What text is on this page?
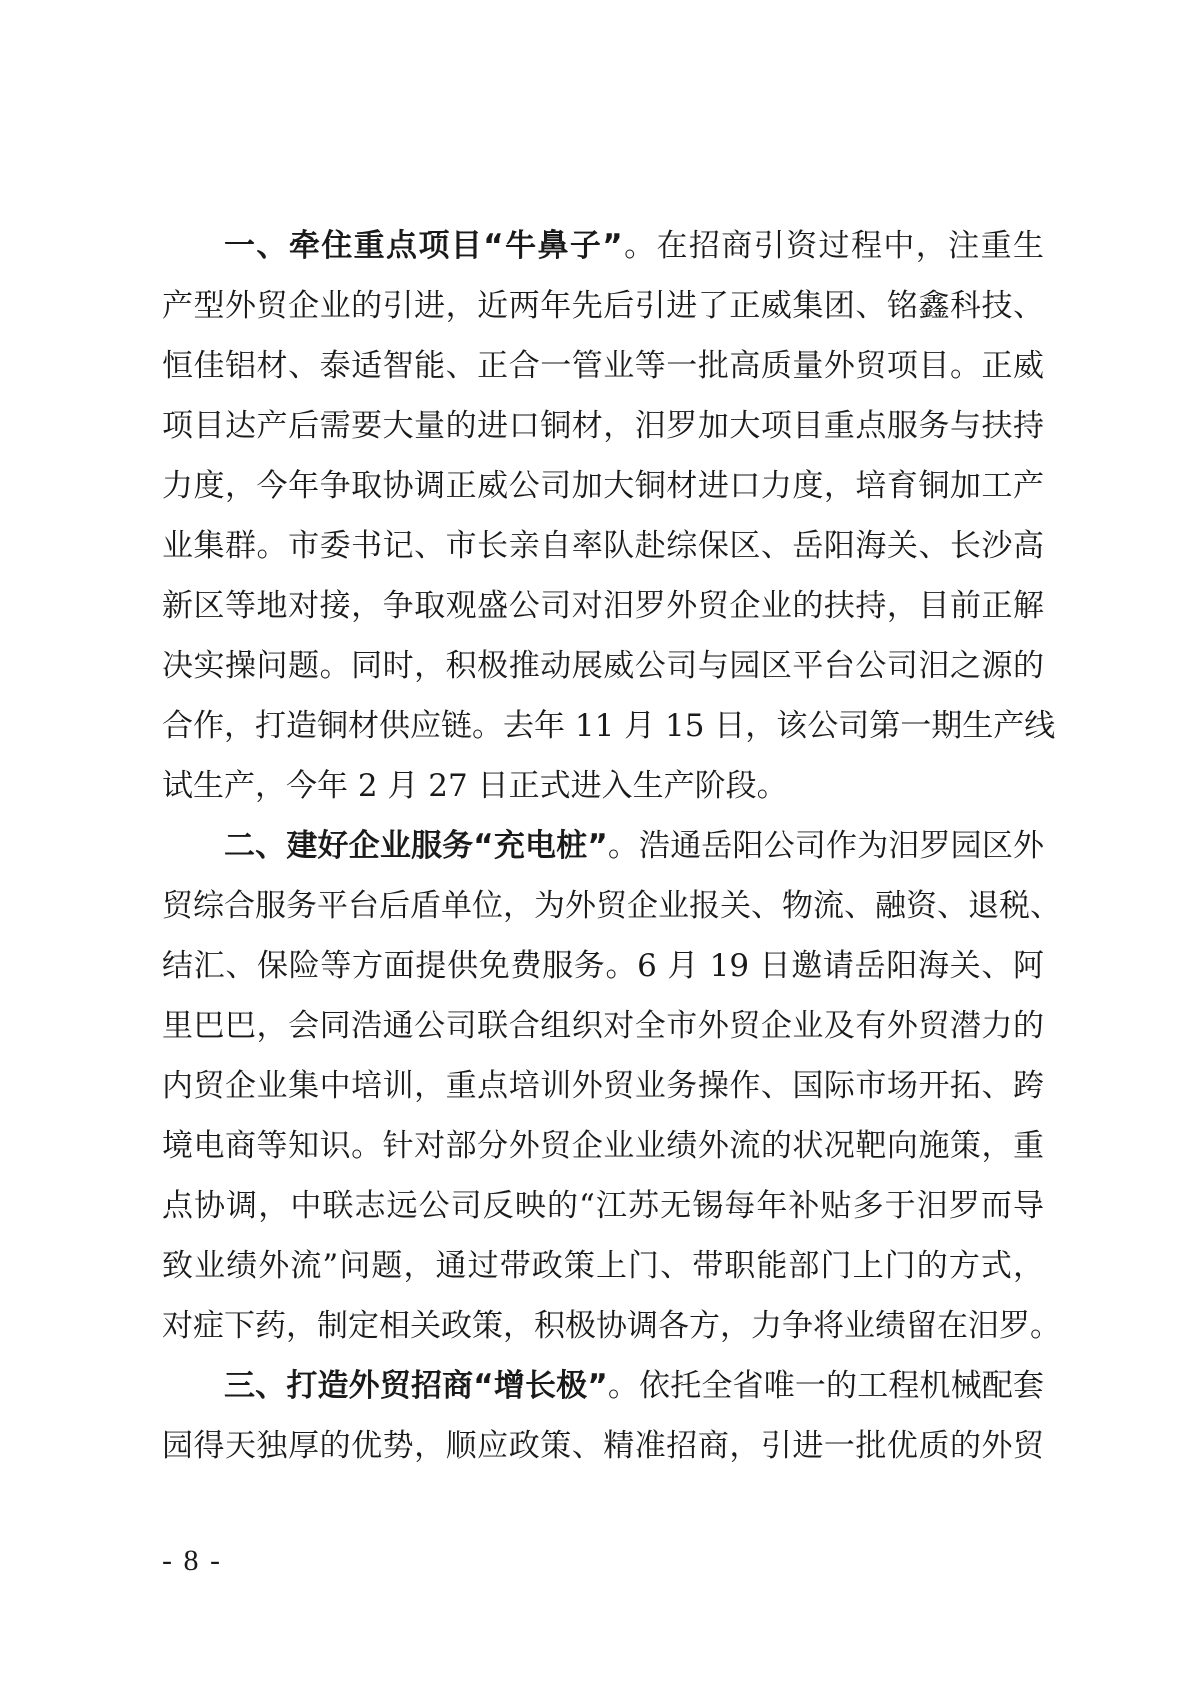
一、牵住重点项目“牛鼻子”。在招商引资过程中，注重生
产型外贸企业的引进，近两年先后引进了正威集团、铭鑫科技、
恒佳铝材、泰适智能、正合一管业等一批高质量外贸项目。正威
项目达产后需要大量的进口铜材，汨罗加大项目重点服务与扶持
力度，今年争取协调正威公司加大铜材进口力度，培育铜加工产
业集群。市委书记、市长亲自率队赴综保区、岳阳海关、长沙高
新区等地对接，争取观盛公司对汨罗外贸企业的扶持，目前正解
决实操问题。同时，积极推动展威公司与园区平台公司汨之源的
合作，打造铜材供应链。去年 11 月 15 日，该公司第一期生产线
试生产，今年 2 月 27 日正式进入生产阶段。
二、建好企业服务“充电桩”。浩通岳阳公司作为汨罗园区外
贸综合服务平台后盾单位，为外贸企业报关、物流、融资、退税、
结汇、保险等方面提供免费服务。6 月 19 日邀请岳阳海关、阿
里巴巴，会同浩通公司联合组织对全市外贸企业及有外贸潜力的
内贸企业集中培训，重点培训外贸业务操作、国际市场开拓、跨
境电商等知识。针对部分外贸企业业绩外流的状况靶向施策，重
点协调，中联志远公司反映的“江苏无锡每年补贴多于汨罗而导
致业绩外流”问题，通过带政策上门、带职能部门上门的方式，
对症下药，制定相关政策，积极协调各方，力争将业绩留在汨罗。
三、打造外贸招商“增长极”。依托全省唯一的工程机械配套
园得天独厚的优势，顺应政策、精准招商，引进一批优质的外贸
- 8 -
